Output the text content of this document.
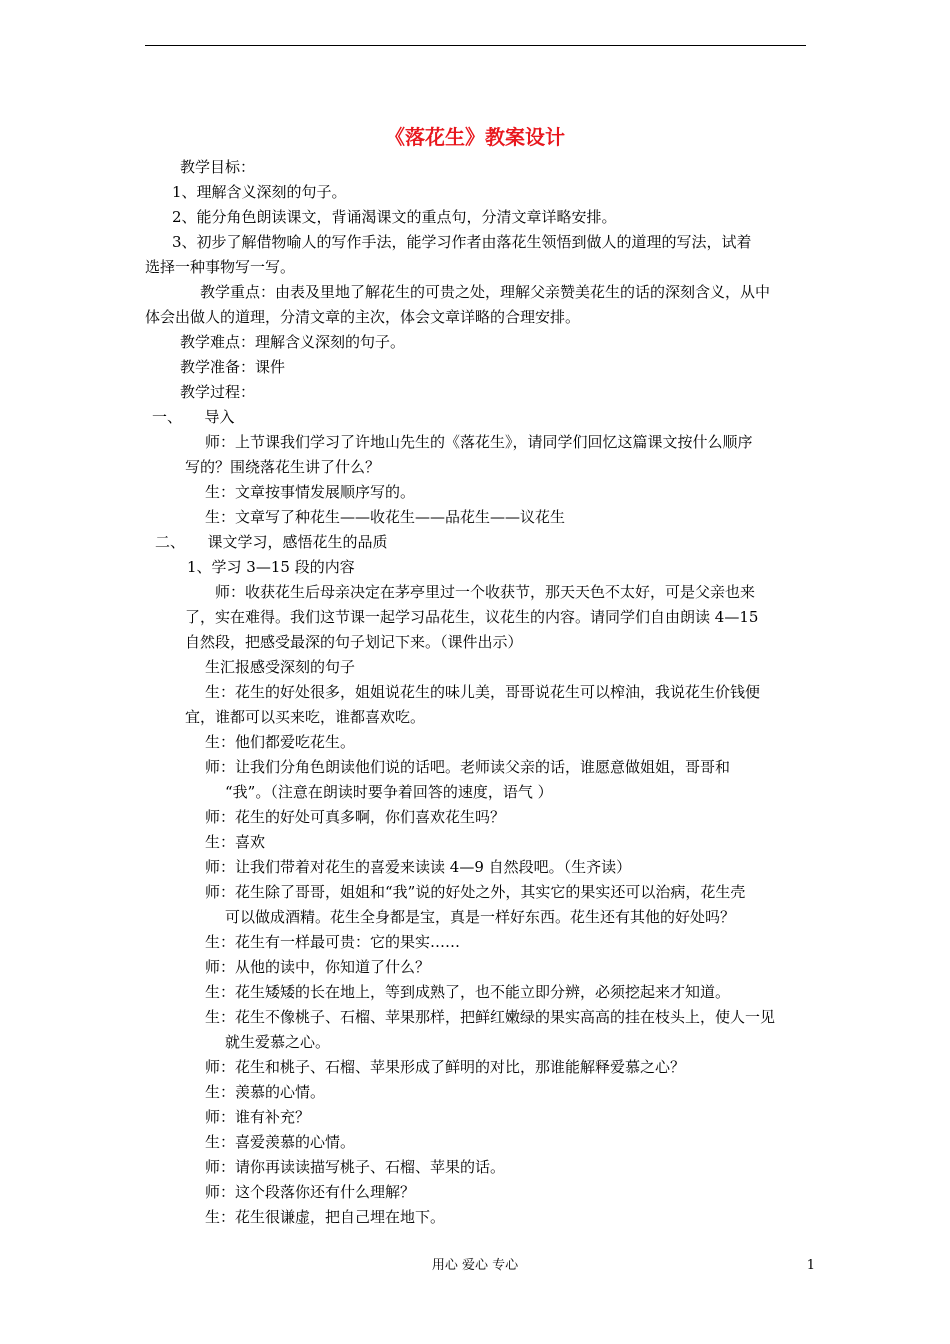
《落花生》教案设计
教学目标：
1、理解含义深刻的句子。
2、能分角色朗读课文，背诵渴课文的重点句，分清文章详略安排。
3、初步了解借物喻人的写作手法，能学习作者由落花生领悟到做人的道理的写法，试着
选择一种事物写一写。
教学重点：由表及里地了解花生的可贵之处，理解父亲赞美花生的话的深刻含义，从中
体会出做人的道理，分清文章的主次，体会文章详略的合理安排。
教学难点：理解含义深刻的句子。
教学准备：课件
教学过程：
一、　　导入
师：上节课我们学习了许地山先生的《落花生》，请同学们回忆这篇课文按什么顺序
写的？围绕落花生讲了什么？
生：文章按事情发展顺序写的。
生：文章写了种花生——收花生——品花生——议花生
二、　　课文学习，感悟花生的品质
1、学习 3—15 段的内容
师：收获花生后母亲决定在茅亭里过一个收获节，那天天色不太好，可是父亲也来
了，实在难得。我们这节课一起学习品花生，议花生的内容。请同学们自由朗读 4—15
自然段，把感受最深的句子划记下来。（课件出示）
生汇报感受深刻的句子
生：花生的好处很多，姐姐说花生的味儿美，哥哥说花生可以榨油，我说花生价钱便
宜，谁都可以买来吃，谁都喜欢吃。
生：他们都爱吃花生。
师：让我们分角色朗读他们说的话吧。老师读父亲的话，谁愿意做姐姐，哥哥和
“我”。（注意在朗读时要争着回答的速度，语气 ）
师：花生的好处可真多啊，你们喜欢花生吗？
生：喜欢
师：让我们带着对花生的喜爱来读读 4—9 自然段吧。（生齐读）
师：花生除了哥哥，姐姐和“我”说的好处之外，其实它的果实还可以治病，花生壳
可以做成酒精。花生全身都是宝，真是一样好东西。花生还有其他的好处吗？
生：花生有一样最可贵：它的果实……
师：从他的读中，你知道了什么？
生：花生矮矮的长在地上，等到成熟了，也不能立即分辨，必须挖起来才知道。
生：花生不像桃子、石榴、苹果那样，把鲜红嫩绿的果实高高的挂在枝头上，使人一见
就生爱慕之心。
师：花生和桃子、石榴、苹果形成了鲜明的对比，那谁能解释爱慕之心？
生：羡慕的心情。
师：谁有补充？
生：喜爱羡慕的心情。
师：请你再读读描写桃子、石榴、苹果的话。
师：这个段落你还有什么理解？
生：花生很谦虚，把自己埋在地下。
用心 爱心 专心	1
